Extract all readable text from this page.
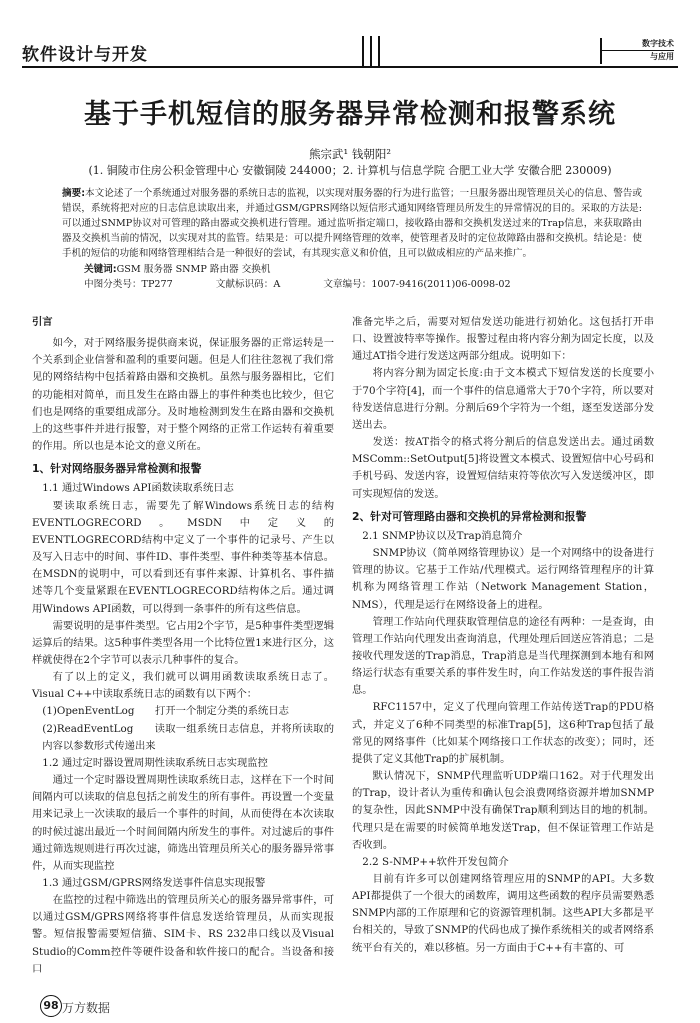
软件设计与开发
数字技术
与应用
基于手机短信的服务器异常检测和报警系统
熊宗武¹ 钱朝阳²
(1. 铜陵市住房公积金管理中心 安徽铜陵 244000；2. 计算机与信息学院 合肥工业大学 安徽合肥 230009)
摘要:本文论述了一个系统通过对服务器的系统日志的监视，以实现对服务器的行为进行监管；一旦服务器出现管理员关心的信息、警告或错误，系统将把对应的日志信息读取出来，并通过GSM/GPRS网络以短信形式通知网络管理员所发生的异常情况的目的。采取的方法是:可以通过SNMP协议对可管理的路由器或交换机进行管理。通过监听指定端口，接收路由器和交换机发送过来的Trap信息，来获取路由器及交换机当前的情况，以实现对其的监管。结果是：可以提升网络管理的效率，使管理者及时的定位故障路由器和交换机。结论是：使手机的短信的功能和网络管理相结合是一种很好的尝试，有其现实意义和价值，且可以做成相应的产品来推广。
关键词:GSM 服务器 SNMP 路由器 交换机
中图分类号：TP277	文献标识码：A	文章编号：1007-9416(2011)06-0098-02

引言

如今，对于网络服务提供商来说，保证服务器的正常运转是一个关系到企业信誉和盈利的重要问题。但是人们往往忽视了我们常见的网络结构中包括着路由器和交换机。虽然与服务器相比，它们的功能相对简单，而且发生在路由器上的事件种类也比较少，但它们也是网络的重要组成部分。及时地检测到发生在路由器和交换机上的这些事件并进行报警，对于整个网络的正常工作运转有着重要的作用。所以也是本论文的意义所在。

1、针对网络服务器异常检测和报警

1.1 通过Windows API函数读取系统日志

要读取系统日志，需要先了解Windows系统日志的结构EVENTLOGRECORD。MSDN中定义的EVENTLOGRECORD结构中定义了一个事件的记录号、产生以及写入日志中的时间、事件ID、事件类型、事件种类等基本信息。在MSDN的说明中，可以看到还有事件来源、计算机名、事件描述等几个变量紧跟在EVENTLOGRECORD结构体之后。通过调用Windows API函数，可以得到一条事件的所有这些信息。

需要说明的是事件类型。它占用2个字节，是5种事件类型逻辑运算后的结果。这5种事件类型各用一个比特位置1来进行区分，这样就使得在2个字节可以表示几种事件的复合。

有了以上的定义，我们就可以调用函数读取系统日志了。Visual C++中读取系统日志的函数有以下两个：

(1)OpenEventLog　　打开一个制定分类的系统日志

(2)ReadEventLog　　读取一组系统日志信息，并将所读取的内容以参数形式传递出来

1.2 通过定时器设置周期性读取系统日志实现监控

通过一个定时器设置周期性读取系统日志，这样在下一个时间间隔内可以读取的信息包括之前发生的所有事件。再设置一个变量用来记录上一次读取的最后一个事件的时间，从而使得在本次读取的时候过滤出最近一个时间间隔内所发生的事件。对过滤后的事件通过筛选规则进行再次过滤，筛选出管理员所关心的服务器异常事件，从而实现监控

1.3 通过GSM/GPRS网络发送事件信息实现报警

在监控的过程中筛选出的管理员所关心的服务器异常事件，可以通过GSM/GPRS网络将事件信息发送给管理员，从而实现报警。短信报警需要短信猫、SIM卡、RS 232串口线以及Visual Studio的Comm控件等硬件设备和软件接口的配合。当设备和接口

准备完毕之后，需要对短信发送功能进行初始化。这包括打开串口、设置波特率等操作。报警过程由将内容分割为固定长度，以及通过AT指令进行发送这两部分组成。说明如下：

将内容分割为固定长度:由于文本模式下短信发送的长度要小于70个字符[4]，而一个事件的信息通常大于70个字符，所以要对待发送信息进行分割。分割后69个字符为一个组，逐至发送部分发送出去。

发送：按AT指令的格式将分割后的信息发送出去。通过函数MSComm::SetOutput[5]将设置文本模式、设置短信中心号码和手机号码、发送内容，设置短信结束符等依次写入发送缓冲区，即可实现短信的发送。

2、针对可管理路由器和交换机的异常检测和报警

2.1 SNMP协议以及Trap消息简介

SNMP协议（简单网络管理协议）是一个对网络中的设备进行管理的协议。它基于工作站/代理模式。运行网络管理程序的计算机称为网络管理工作站（Network Management Station，NMS），代理是运行在网络设备上的进程。

管理工作站向代理获取管理信息的途径有两种：一是查询，由管理工作站向代理发出查询消息，代理处理后回送应答消息；二是接收代理发送的Trap消息，Trap消息是当代理探测到本地有和网络运行状态有重要关系的事件发生时，向工作站发送的事件报告消息。

RFC1157中，定义了代理向管理工作站传送Trap的PDU格式，并定义了6种不同类型的标准Trap[5]，这6种Trap包括了最常见的网络事件（比如某个网络接口工作状态的改变）；同时，还提供了定义其他Trap的扩展机制。

默认情况下，SNMP代理监听UDP端口162。对于代理发出的Trap，设计者认为重传和确认包会浪费网络资源并增加SNMP的复杂性，因此SNMP中没有确保Trap顺利到达目的地的机制。代理只是在需要的时候简单地发送Trap，但不保证管理工作站是否收到。

2.2 S-NMP++软件开发包简介

目前有许多可以创建网络管理应用的SNMP的API。大多数API都提供了一个很大的函数库，调用这些函数的程序员需要熟悉SNMP内部的工作原理和它的资源管理机制。这些API大多都是平台相关的，导致了SNMP的代码也成了操作系统相关的或者网络系统平台有关的，难以移植。另一方面由于C++有丰富的、可

98 万方数据
